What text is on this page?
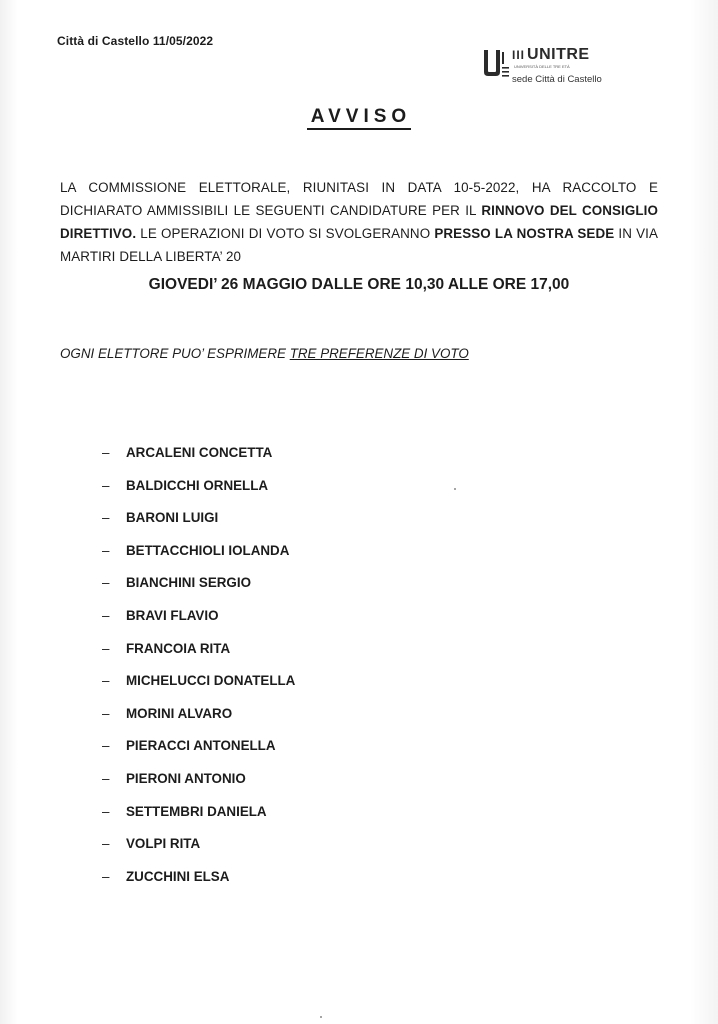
Città di Castello 11/05/2022
III UNITRE
UNIVERSITÀ DELLE TRE ETÀ
sede Città di Castello
AVVISO
LA COMMISSIONE ELETTORALE, RIUNITASI IN DATA 10-5-2022, HA RACCOLTO E DICHIARATO AMMISSIBILI LE SEGUENTI CANDIDATURE PER IL RINNOVO DEL CONSIGLIO DIRETTIVO. LE OPERAZIONI DI VOTO SI SVOLGERANNO PRESSO LA NOSTRA SEDE IN VIA MARTIRI DELLA LIBERTA’ 20
GIOVEDI’ 26 MAGGIO DALLE ORE 10,30 ALLE ORE 17,00
OGNI ELETTORE PUO’ ESPRIMERE TRE PREFERENZE DI VOTO
– ARCALENI CONCETTA
– BALDICCHI ORNELLA
– BARONI LUIGI
– BETTACCHIOLI IOLANDA
– BIANCHINI SERGIO
– BRAVI FLAVIO
– FRANCOIA RITA
– MICHELUCCI DONATELLA
– MORINI ALVARO
– PIERACCI ANTONELLA
– PIERONI ANTONIO
– SETTEMBRI DANIELA
– VOLPI RITA
– ZUCCHINI ELSA
